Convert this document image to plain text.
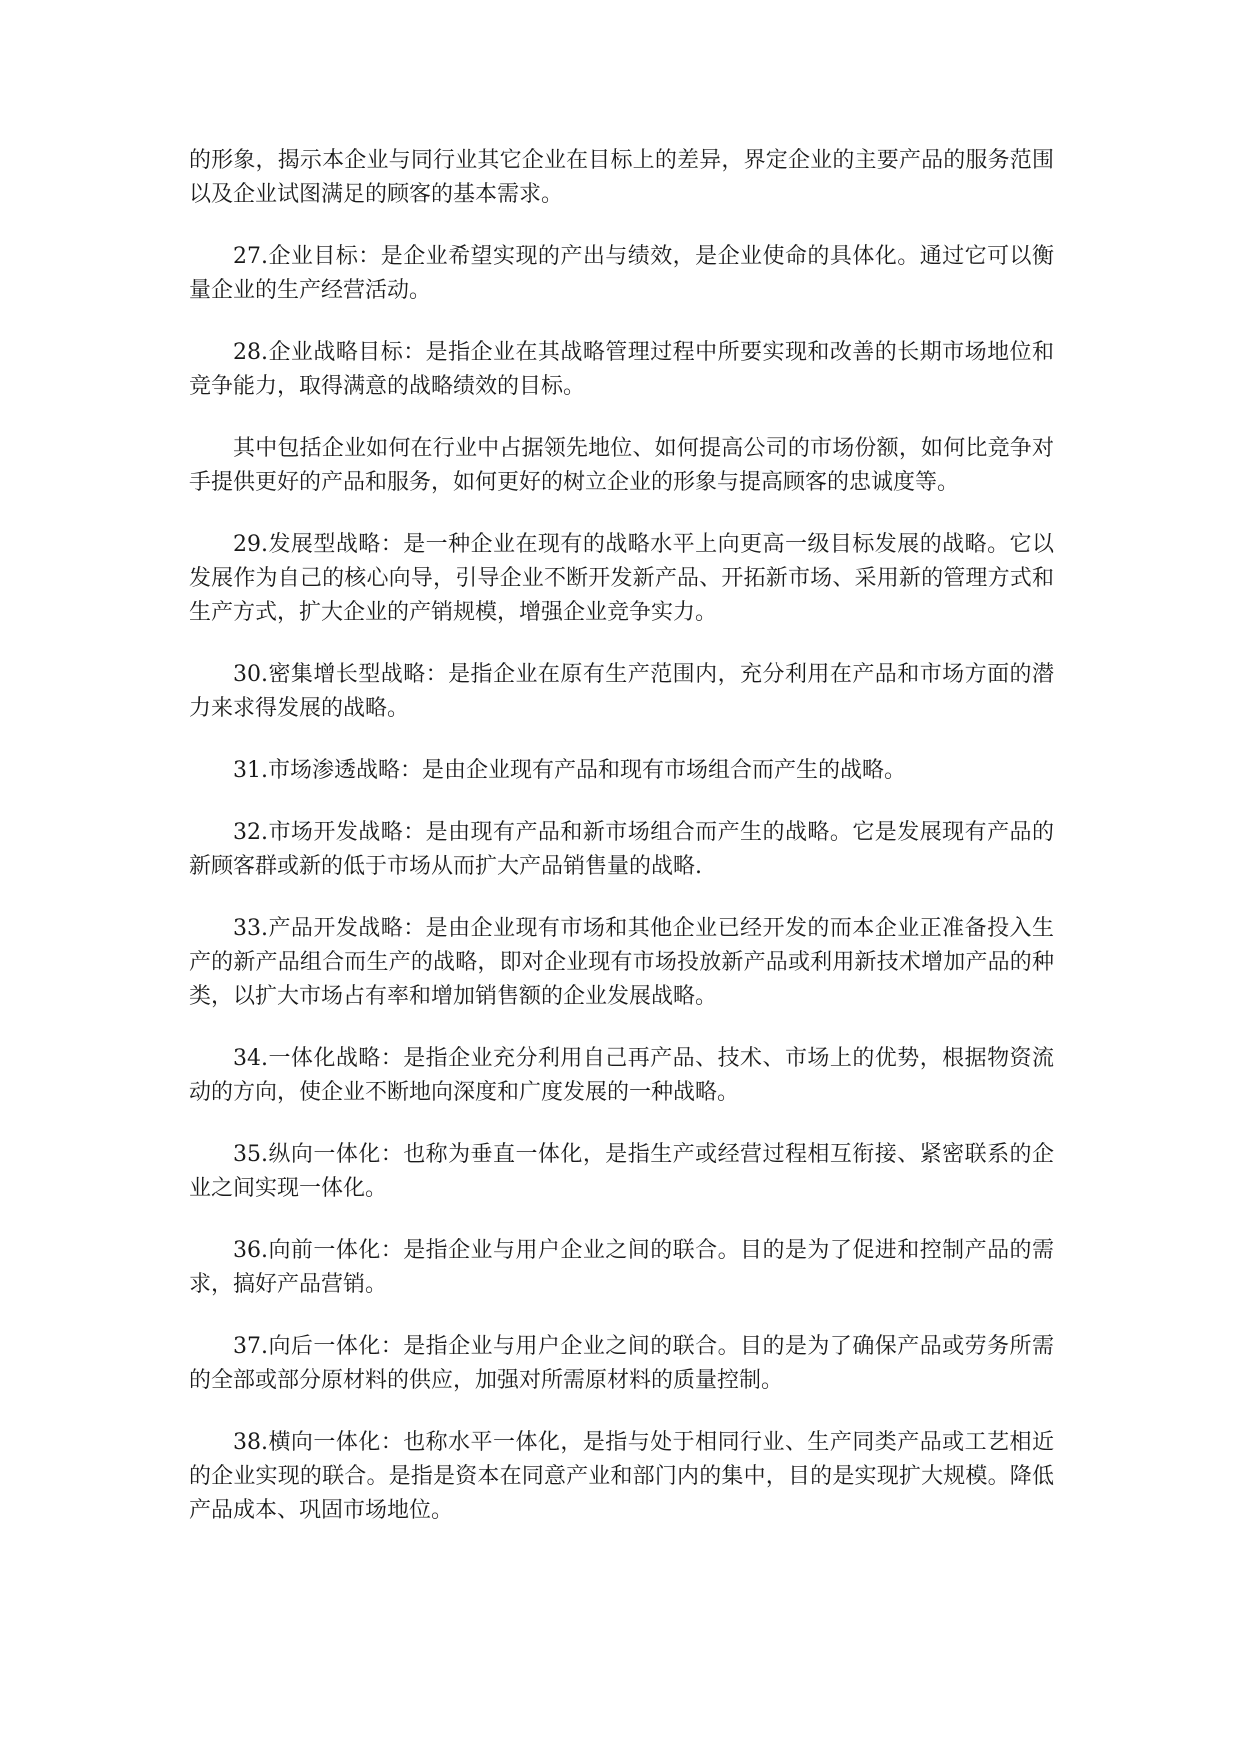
的形象，揭示本企业与同行业其它企业在目标上的差异，界定企业的主要产品的服务范围以及企业试图满足的顾客的基本需求。

27.企业目标：是企业希望实现的产出与绩效，是企业使命的具体化。通过它可以衡量企业的生产经营活动。

28.企业战略目标：是指企业在其战略管理过程中所要实现和改善的长期市场地位和竞争能力，取得满意的战略绩效的目标。

其中包括企业如何在行业中占据领先地位、如何提高公司的市场份额，如何比竞争对手提供更好的产品和服务，如何更好的树立企业的形象与提高顾客的忠诚度等。

29.发展型战略：是一种企业在现有的战略水平上向更高一级目标发展的战略。它以发展作为自己的核心向导，引导企业不断开发新产品、开拓新市场、采用新的管理方式和生产方式，扩大企业的产销规模，增强企业竞争实力。

30.密集增长型战略：是指企业在原有生产范围内，充分利用在产品和市场方面的潜力来求得发展的战略。

31.市场渗透战略：是由企业现有产品和现有市场组合而产生的战略。

32.市场开发战略：是由现有产品和新市场组合而产生的战略。它是发展现有产品的新顾客群或新的低于市场从而扩大产品销售量的战略.

33.产品开发战略：是由企业现有市场和其他企业已经开发的而本企业正准备投入生产的新产品组合而生产的战略，即对企业现有市场投放新产品或利用新技术增加产品的种类，以扩大市场占有率和增加销售额的企业发展战略。

34.一体化战略：是指企业充分利用自己再产品、技术、市场上的优势，根据物资流动的方向，使企业不断地向深度和广度发展的一种战略。

35.纵向一体化：也称为垂直一体化，是指生产或经营过程相互衔接、紧密联系的企业之间实现一体化。

36.向前一体化：是指企业与用户企业之间的联合。目的是为了促进和控制产品的需求，搞好产品营销。

37.向后一体化：是指企业与用户企业之间的联合。目的是为了确保产品或劳务所需的全部或部分原材料的供应，加强对所需原材料的质量控制。

38.横向一体化：也称水平一体化，是指与处于相同行业、生产同类产品或工艺相近的企业实现的联合。是指是资本在同意产业和部门内的集中，目的是实现扩大规模。降低产品成本、巩固市场地位。
